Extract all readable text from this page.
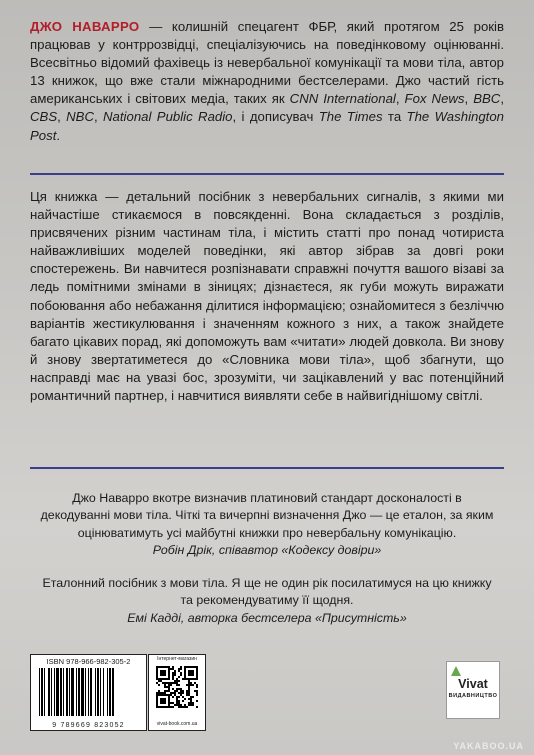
ДЖО НАВАРРО — колишній спецагент ФБР, який протягом 25 років працював у контррозвідці, спеціалізуючись на поведінковому оцінюванні. Всесвітньо відомий фахівець із невербальної комунікації та мови тіла, автор 13 книжок, що вже стали міжнародними бестселерами. Джо частий гість американських і світових медіа, таких як CNN International, Fox News, BBC, CBS, NBC, National Public Radio, і дописувач The Times та The Washington Post.
Ця книжка — детальний посібник з невербальних сигналів, з якими ми найчастіше стикаємося в повсякденні. Вона складається з розділів, присвячених різним частинам тіла, і містить статті про понад чотириста найважливіших моделей поведінки, які автор зібрав за довгі роки спостережень. Ви навчитеся розпізнавати справжні почуття вашого візаві за ледь помітними змінами в зіницях; дізнаєтеся, як губи можуть виражати побоювання або небажання ділитися інформацією; ознайомитеся з безліччю варіантів жестикулювання і значенням кожного з них, а також знайдете багато цікавих порад, які допоможуть вам «читати» людей довкола. Ви знову й знову звертатиметеся до «Словника мови тіла», щоб збагнути, що насправді має на увазі бос, зрозуміти, чи зацікавлений у вас потенційний романтичний партнер, і навчитися виявляти себе в найвигіднішому світлі.
Джо Наварро вкотре визначив платиновий стандарт досконалості в декодуванні мови тіла. Чіткі та вичерпні визначення Джо — це еталон, за яким оцінюватимуть усі майбутні книжки про невербальну комунікацію.
Робін Дрік, співавтор «Кодексу довіри»
Еталонний посібник з мови тіла. Я ще не один рік посилатимуся на цю книжку та рекомендуватиму її щодня.
Емі Кадді, авторка бестселера «Присутність»
ISBN 978-966-982-305-2
9 789669 823052
Інтернет-магазин
vivat-book.com.ua
Vivat
ВИДАВНИЦТВО
YAKABOO.UA
